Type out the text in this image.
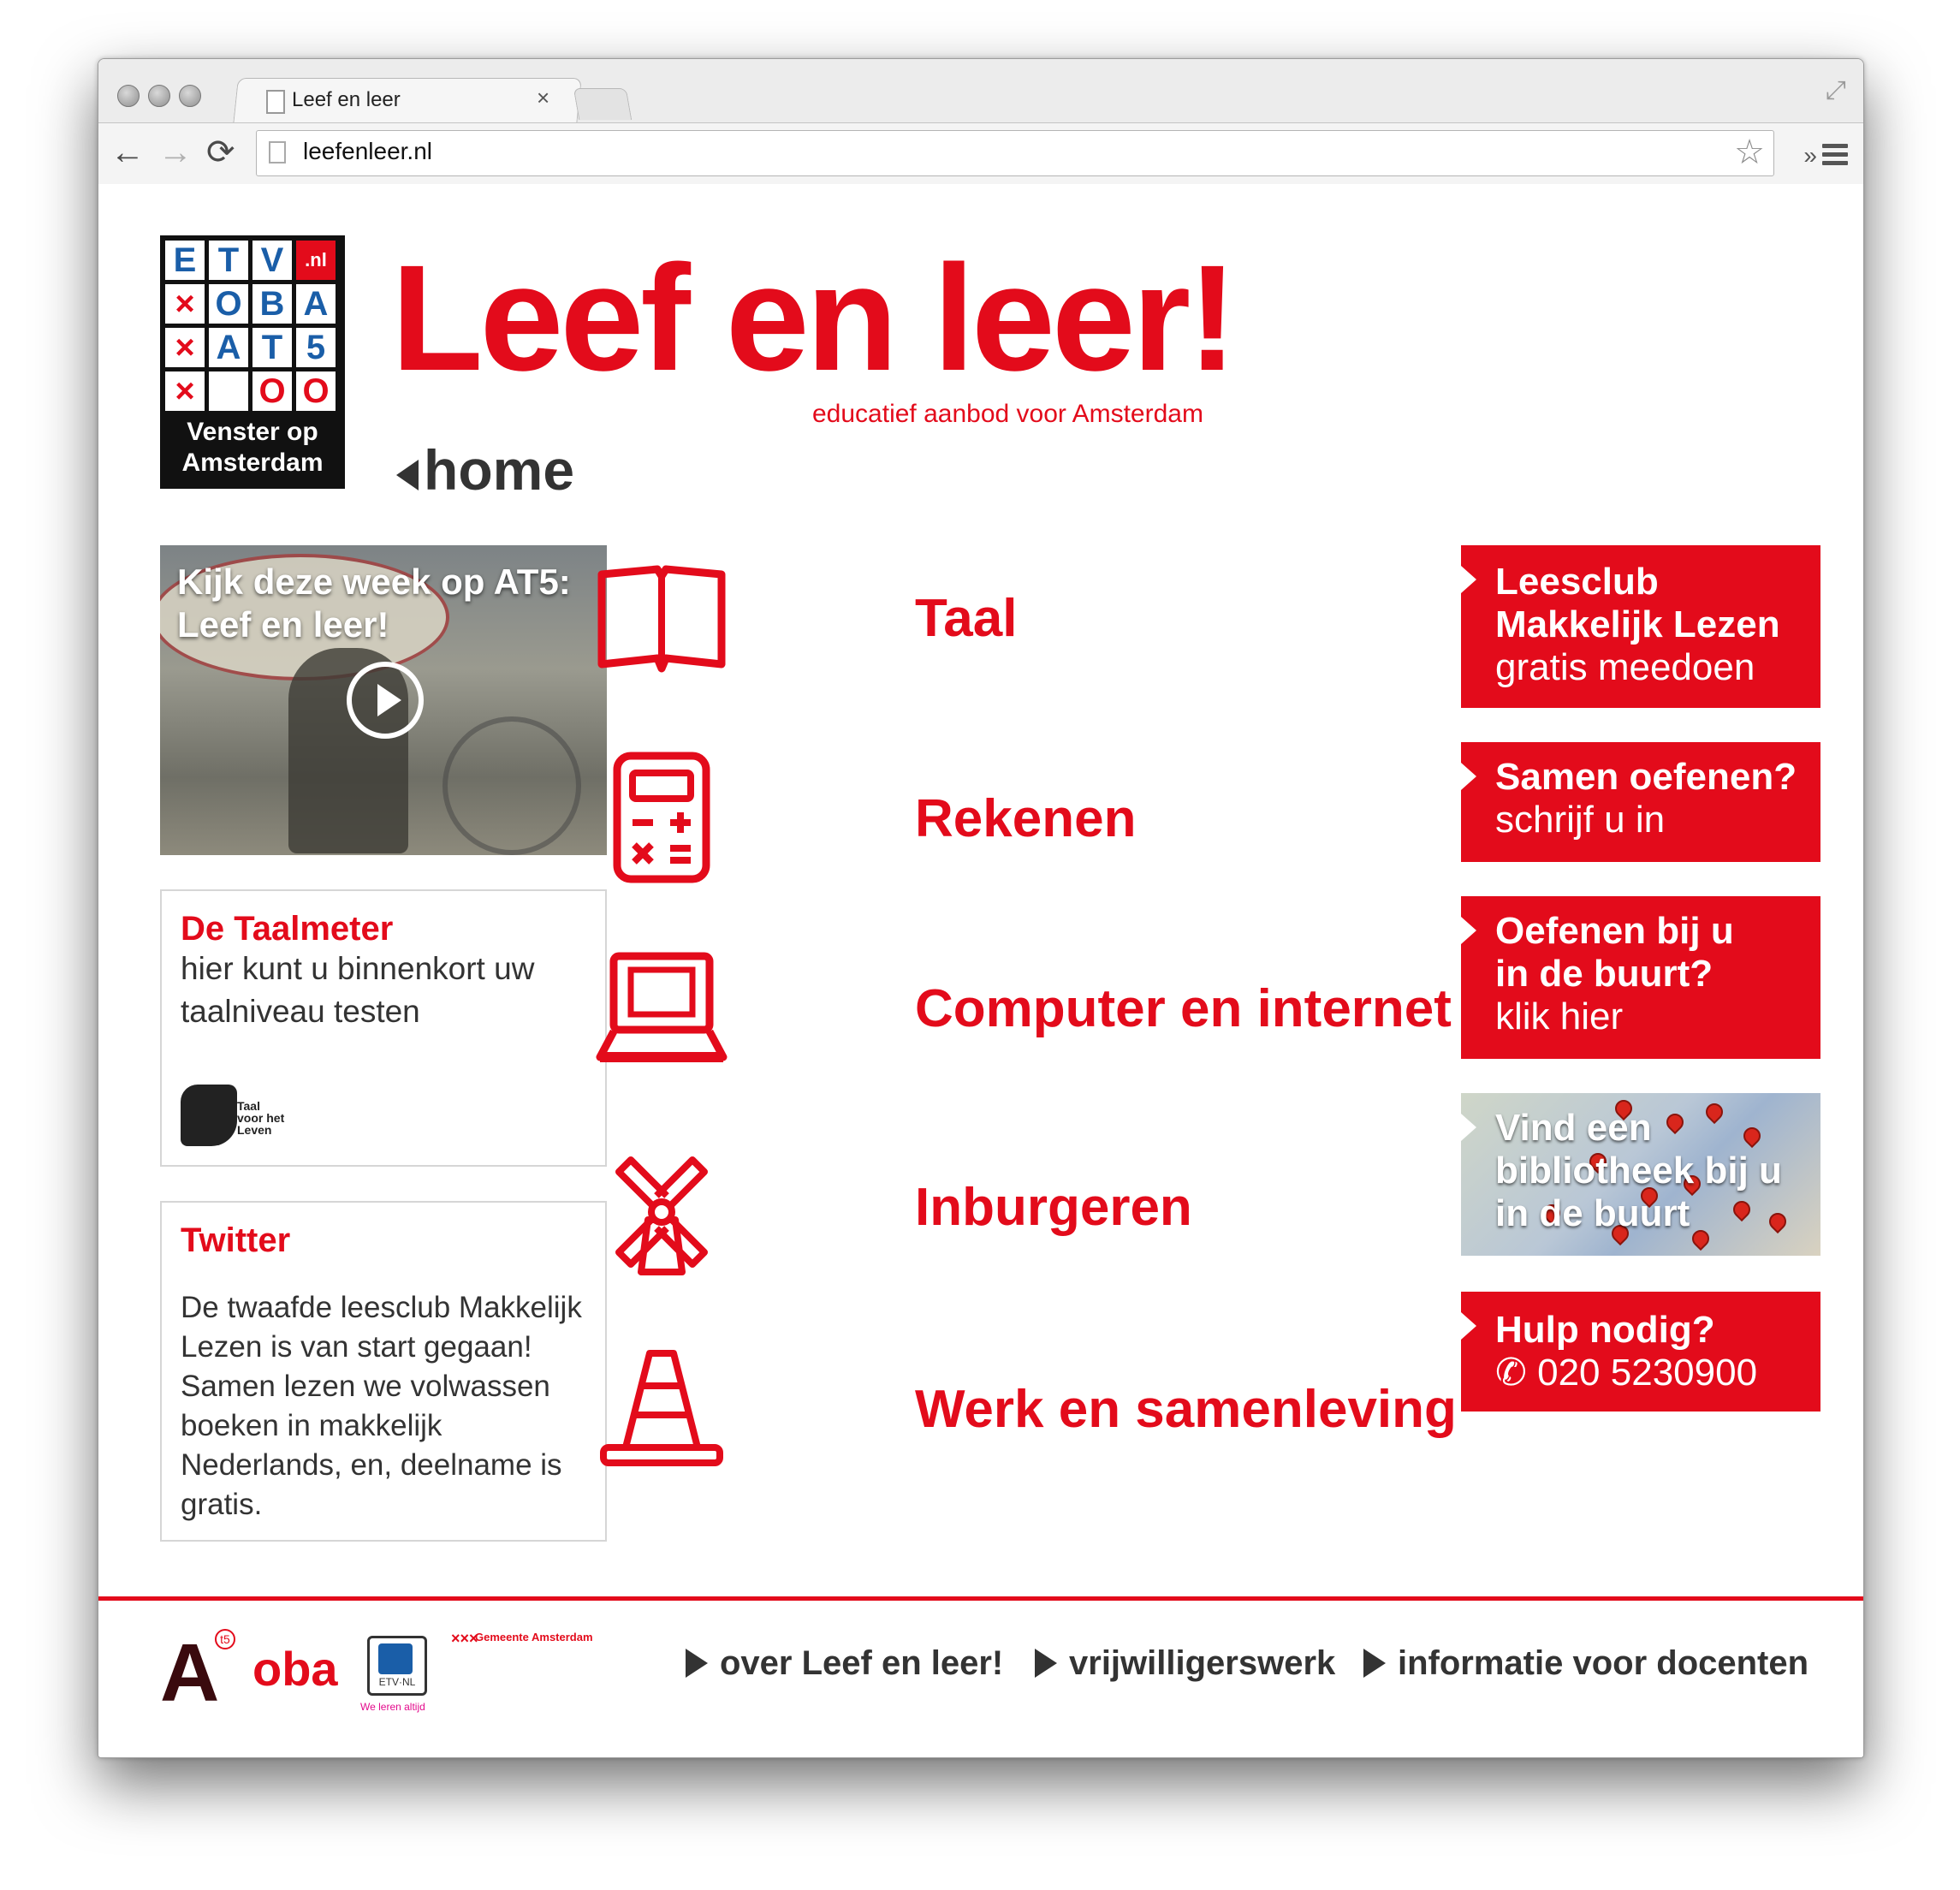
Leef en leer	×	⤢
← → ⟳	leefenleer.nl	☆ »
E T V	.nl
× O B A
× A T 5
× O O
Venster op
Amsterdam
Leef en leer!
educatief aanbod voor Amsterdam
home
Kijk deze week op AT5: Leef en leer!
De Taalmeter
hier kunt u binnenkort uw taalniveau testen
Taal voor het Leven
Twitter
De twaafde leesclub Makkelijk Lezen is van start gegaan! Samen lezen we volwassen boeken in makkelijk Nederlands, en, deelname is gratis.
Taal
Rekenen
Computer en internet
Inburgeren
Werk en samenleving
Leesclub
Makkelijk Lezen
gratis meedoen
Samen oefenen?
schrijf u in
Oefenen bij u
in de buurt?
klik hier
Vind een bibliotheek bij u in de buurt
Hulp nodig?
✆ 020 5230900
A t5
oba	ETV·NL
We leren altijd
×××
Gemeente Amsterdam
over Leef en leer!	vrijwilligerswerk	informatie voor docenten
